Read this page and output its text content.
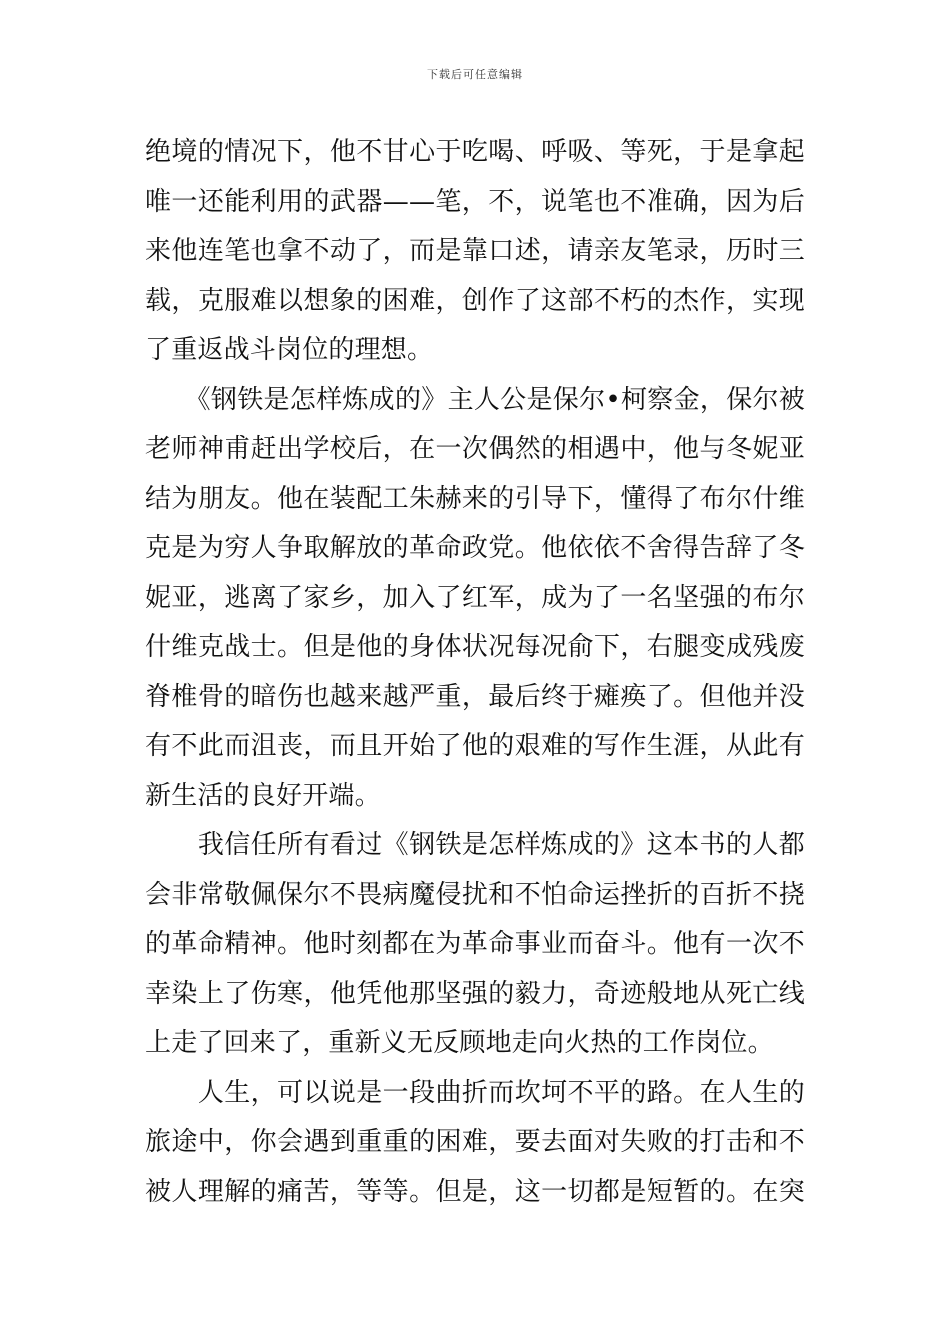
下载后可任意编辑
绝境的情况下，他不甘心于吃喝、呼吸、等死，于是拿起
唯一还能利用的武器——笔，不，说笔也不准确，因为后
来他连笔也拿不动了，而是靠口述，请亲友笔录，历时三
载，克服难以想象的困难，创作了这部不朽的杰作，实现
了重返战斗岗位的理想。
　　《钢铁是怎样炼成的》主人公是保尔•柯察金，保尔被
老师神甫赶出学校后，在一次偶然的相遇中，他与冬妮亚
结为朋友。他在装配工朱赫来的引导下，懂得了布尔什维
克是为穷人争取解放的革命政党。他依依不舍得告辞了冬
妮亚，逃离了家乡，加入了红军，成为了一名坚强的布尔
什维克战士。但是他的身体状况每况俞下，右腿变成残废
脊椎骨的暗伤也越来越严重，最后终于瘫痪了。但他并没
有不此而沮丧，而且开始了他的艰难的写作生涯，从此有
新生活的良好开端。
　　我信任所有看过《钢铁是怎样炼成的》这本书的人都
会非常敬佩保尔不畏病魔侵扰和不怕命运挫折的百折不挠
的革命精神。他时刻都在为革命事业而奋斗。他有一次不
幸染上了伤寒，他凭他那坚强的毅力，奇迹般地从死亡线
上走了回来了，重新义无反顾地走向火热的工作岗位。
　　人生，可以说是一段曲折而坎坷不平的路。在人生的
旅途中，你会遇到重重的困难，要去面对失败的打击和不
被人理解的痛苦，等等。但是，这一切都是短暂的。在突
